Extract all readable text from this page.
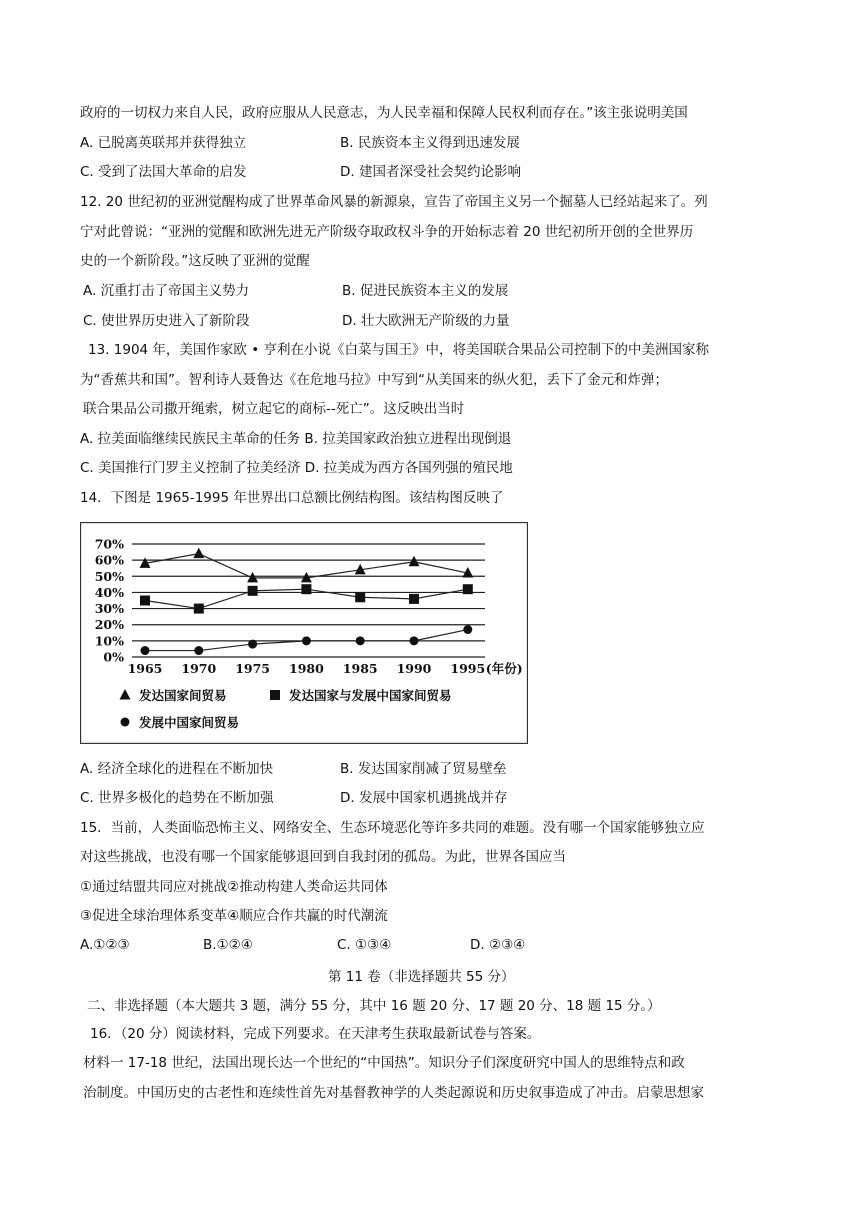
政府的一切权力来自人民，政府应服从人民意志，为人民幸福和保障人民权利而存在。”该主张说明美国
A. 已脱离英联邦并获得独立	B. 民族资本主义得到迅速发展
C. 受到了法国大革命的启发	D. 建国者深受社会契约论影响
12. 20 世纪初的亚洲觉醒构成了世界革命风暴的新源泉，宣告了帝国主义另一个掘墓人已经站起来了。列
宁对此曾说：“亚洲的觉醒和欧洲先进无产阶级夺取政权斗争的开始标志着 20 世纪初所开创的全世界历
史的一个新阶段。”这反映了亚洲的觉醒
A. 沉重打击了帝国主义势力	B. 促进民族资本主义的发展
C. 使世界历史进入了新阶段	D. 壮大欧洲无产阶级的力量
13. 1904 年，美国作家欧 • 亨利在小说《白菜与国王》中，将美国联合果品公司控制下的中美洲国家称
为“香蕉共和国”。智利诗人聂鲁达《在危地马拉》中写到“从美国来的纵火犯，丢下了金元和炸弹；
联合果品公司撒开绳索，树立起它的商标--死亡”。这反映出当时
A. 拉美面临继续民族民主革命的任务 B. 拉美国家政治独立进程出现倒退
C. 美国推行门罗主义控制了拉美经济 D. 拉美成为西方各国列强的殖民地
14．下图是 1965-1995 年世界出口总额比例结构图。该结构图反映了
70%
60%
50%
40%
30%
20%
10%
0%
1965 1970 1975 1980 1985 1990 1995 (年份)
发达国家间贸易	发达国家与发展中国家间贸易
发展中国家间贸易
A. 经济全球化的进程在不断加快	B. 发达国家削减了贸易壁垒
C. 世界多极化的趋势在不断加强	D. 发展中国家机遇挑战并存
15．当前，人类面临恐怖主义、网络安全、生态环境恶化等许多共同的难题。没有哪一个国家能够独立应
对这些挑战，也没有哪一个国家能够退回到自我封闭的孤岛。为此，世界各国应当
①通过结盟共同应对挑战②推动构建人类命运共同体
③促进全球治理体系变革④顺应合作共赢的时代潮流
A.①②③	B.①②④	C. ①③④	D. ②③④
第 11 卷（非选择题共 55 分）
二、非选择题（本大题共 3 题，满分 55 分，其中 16 题 20 分、17 题 20 分、18 题 15 分。）
16．（20 分）阅读材料，完成下列要求。在天津考生获取最新试卷与答案。
材料一 17-18 世纪，法国出现长达一个世纪的“中国热”。知识分子们深度研究中国人的思维特点和政
治制度。中国历史的古老性和连续性首先对基督教神学的人类起源说和历史叙事造成了冲击。启蒙思想家
